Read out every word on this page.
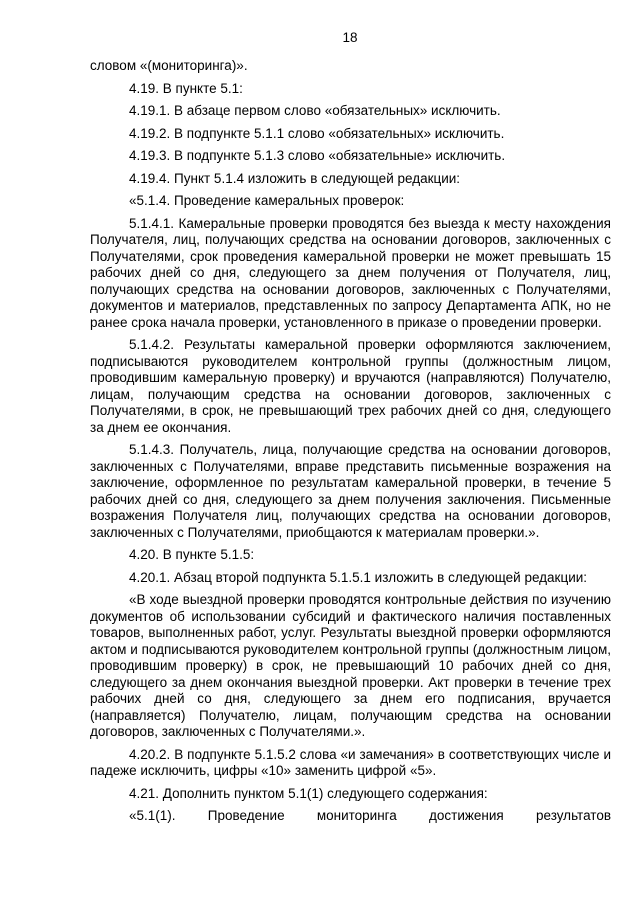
18

словом «(мониторинга)».

4.19. В пункте 5.1:

4.19.1. В абзаце первом слово «обязательных» исключить.

4.19.2. В подпункте 5.1.1 слово «обязательных» исключить.

4.19.3. В подпункте 5.1.3 слово «обязательные» исключить.

4.19.4. Пункт 5.1.4 изложить в следующей редакции:

«5.1.4. Проведение камеральных проверок:

5.1.4.1. Камеральные проверки проводятся без выезда к месту нахождения Получателя, лиц, получающих средства на основании договоров, заключенных с Получателями, срок проведения камеральной проверки не может превышать 15 рабочих дней со дня, следующего за днем получения от Получателя, лиц, получающих средства на основании договоров, заключенных с Получателями, документов и материалов, представленных по запросу Департамента АПК, но не ранее срока начала проверки, установленного в приказе о проведении проверки.

5.1.4.2. Результаты камеральной проверки оформляются заключением, подписываются руководителем контрольной группы (должностным лицом, проводившим камеральную проверку) и вручаются (направляются) Получателю, лицам, получающим средства на основании договоров, заключенных с Получателями, в срок, не превышающий трех рабочих дней со дня, следующего за днем ее окончания.

5.1.4.3. Получатель, лица, получающие средства на основании договоров, заключенных с Получателями, вправе представить письменные возражения на заключение, оформленное по результатам камеральной проверки, в течение 5 рабочих дней со дня, следующего за днем получения заключения. Письменные возражения Получателя лиц, получающих средства на основании договоров, заключенных с Получателями, приобщаются к материалам проверки.».

4.20. В пункте 5.1.5:

4.20.1. Абзац второй подпункта 5.1.5.1 изложить в следующей редакции:

«В ходе выездной проверки проводятся контрольные действия по изучению документов об использовании субсидий и фактического наличия поставленных товаров, выполненных работ, услуг. Результаты выездной проверки оформляются актом и подписываются руководителем контрольной группы (должностным лицом, проводившим проверку) в срок, не превышающий 10 рабочих дней со дня, следующего за днем окончания выездной проверки. Акт проверки в течение трех рабочих дней со дня, следующего за днем его подписания, вручается (направляется) Получателю, лицам, получающим средства на основании договоров, заключенных с Получателями.».

4.20.2. В подпункте 5.1.5.2 слова «и замечания» в соответствующих числе и падеже исключить, цифры «10» заменить цифрой «5».

4.21. Дополнить пунктом 5.1(1) следующего содержания:

«5.1(1). Проведение мониторинга достижения результатов
